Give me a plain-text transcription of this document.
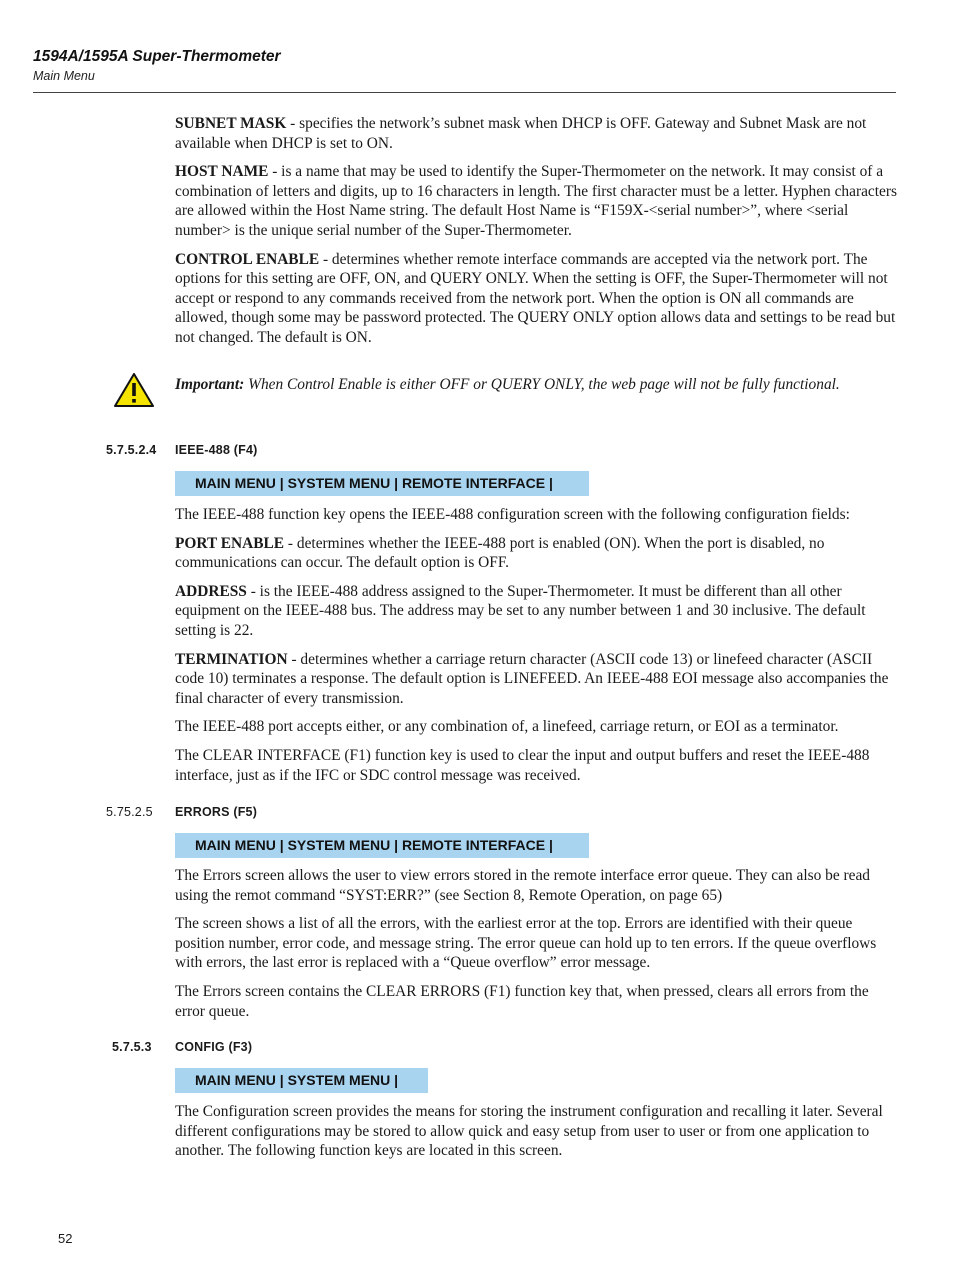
1594A/1595A Super-Thermometer
Main Menu

SUBNET MASK - specifies the network’s subnet mask when DHCP is OFF. Gateway and Subnet Mask are not available when DHCP is set to ON.

HOST NAME - is a name that may be used to identify the Super-Thermometer on the network. It may consist of a combination of letters and digits, up to 16 characters in length. The first character must be a letter. Hyphen characters are allowed within the Host Name string. The default Host Name is “F159X-<serial number>”, where <serial number> is the unique serial number of the Super-Thermometer.

CONTROL ENABLE - determines whether remote interface commands are accepted via the network port. The options for this setting are OFF, ON, and QUERY ONLY. When the setting is OFF, the Super-Thermometer will not accept or respond to any commands received from the network port. When the option is ON all commands are allowed, though some may be password protected. The QUERY ONLY option allows data and settings to be read but not changed. The default is ON.

Important: When Control Enable is either OFF or QUERY ONLY, the web page will not be fully functional.
5.7.5.2.4 IEEE-488 (F4)
MAIN MENU | SYSTEM MENU | REMOTE INTERFACE |

The IEEE-488 function key opens the IEEE-488 configuration screen with the following configuration fields:

PORT ENABLE - determines whether the IEEE-488 port is enabled (ON). When the port is disabled, no communications can occur. The default option is OFF.

ADDRESS - is the IEEE-488 address assigned to the Super-Thermometer. It must be different than all other equipment on the IEEE-488 bus. The address may be set to any number between 1 and 30 inclusive. The default setting is 22.

TERMINATION - determines whether a carriage return character (ASCII code 13) or linefeed character (ASCII code 10) terminates a response. The default option is LINEFEED. An IEEE-488 EOI message also accompanies the final character of every transmission.

The IEEE-488 port accepts either, or any combination of, a linefeed, carriage return, or EOI as a terminator.

The CLEAR INTERFACE (F1) function key is used to clear the input and output buffers and reset the IEEE-488 interface, just as if the IFC or SDC control message was received.

5.75.2.5 ERRORS (F5)
MAIN MENU | SYSTEM MENU | REMOTE INTERFACE |

The Errors screen allows the user to view errors stored in the remote interface error queue. They can also be read using the remot command “SYST:ERR?” (see Section 8, Remote Operation, on page 65)

The screen shows a list of all the errors, with the earliest error at the top. Errors are identified with their queue position number, error code, and message string. The error queue can hold up to ten errors. If the queue overflows with errors, the last error is replaced with a “Queue overflow” error message.

The Errors screen contains the CLEAR ERRORS (F1) function key that, when pressed, clears all errors from the error queue.

5.7.5.3 CONFIG (F3)
MAIN MENU | SYSTEM MENU |

The Configuration screen provides the means for storing the instrument configuration and recalling it later. Several different configurations may be stored to allow quick and easy setup from user to user or from one application to another. The following function keys are located in this screen.

52
